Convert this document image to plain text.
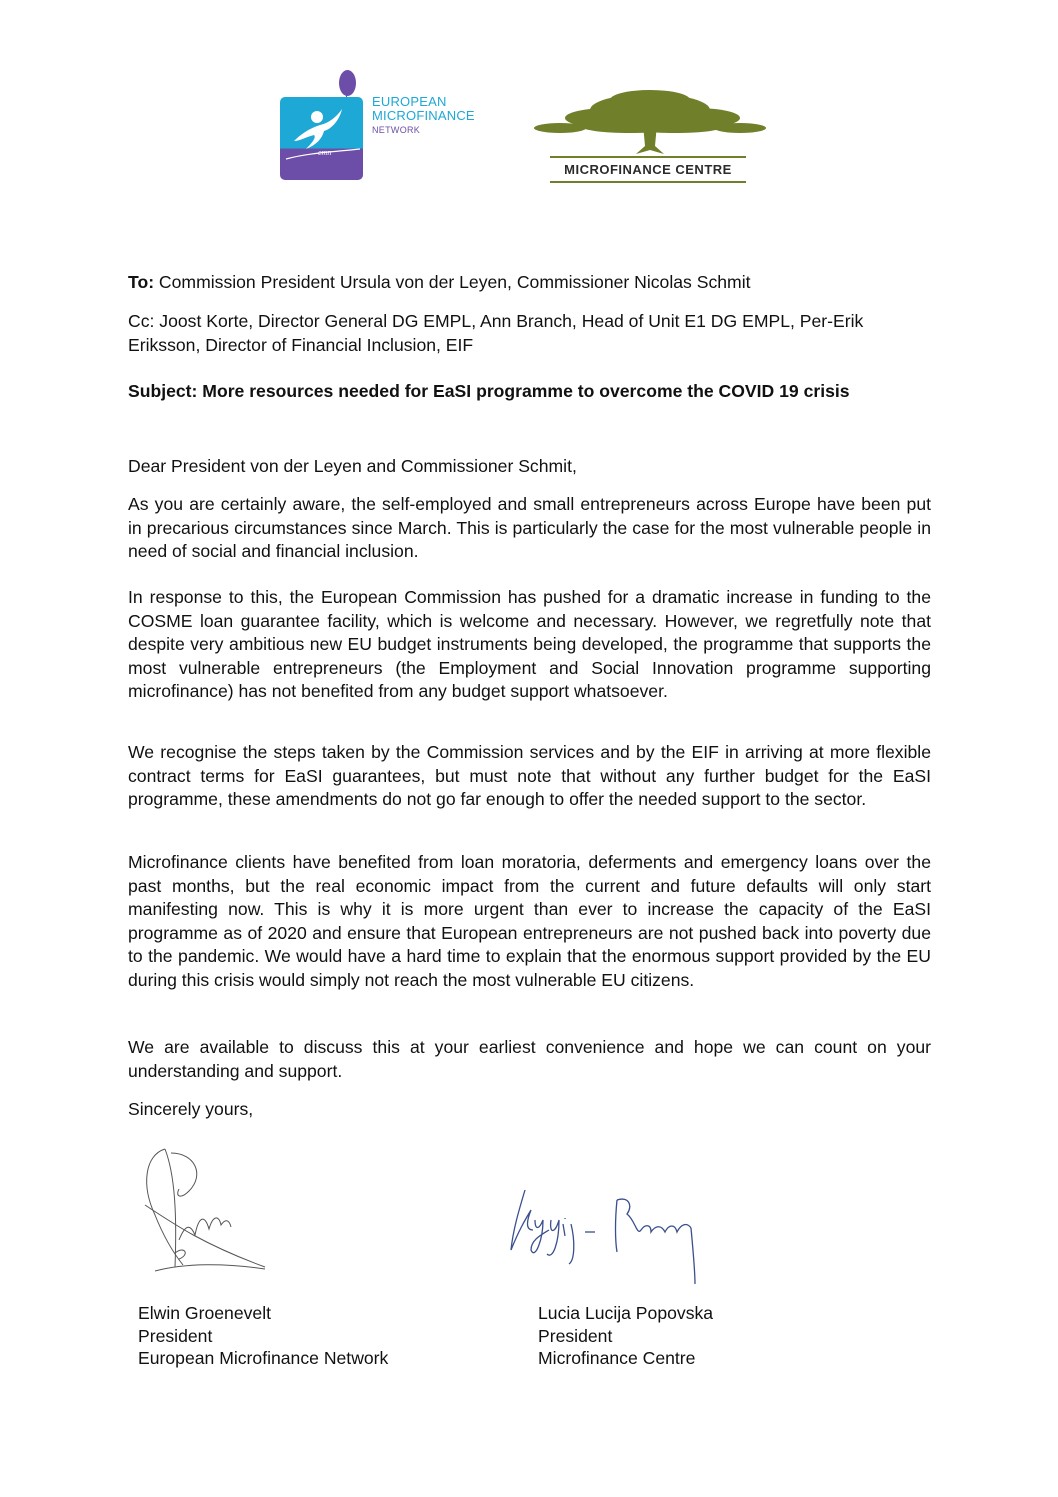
emn
EUROPEAN
MICROFINANCE
NETWORK
MICROFINANCE CENTRE

To: Commission President Ursula von der Leyen, Commissioner Nicolas Schmit

Cc: Joost Korte, Director General DG EMPL, Ann Branch, Head of Unit E1 DG EMPL, Per-Erik Eriksson, Director of Financial Inclusion, EIF

Subject: More resources needed for EaSI programme to overcome the COVID 19 crisis

Dear President von der Leyen and Commissioner Schmit,

As you are certainly aware, the self-employed and small entrepreneurs across Europe have been put in precarious circumstances since March. This is particularly the case for the most vulnerable people in need of social and financial inclusion.

In response to this, the European Commission has pushed for a dramatic increase in funding to the COSME loan guarantee facility, which is welcome and necessary. However, we regretfully note that despite very ambitious new EU budget instruments being developed, the programme that supports the most vulnerable entrepreneurs (the Employment and Social Innovation programme supporting microfinance) has not benefited from any budget support whatsoever.

We recognise the steps taken by the Commission services and by the EIF in arriving at more flexible contract terms for EaSI guarantees, but must note that without any further budget for the EaSI programme, these amendments do not go far enough to offer the needed support to the sector.

Microfinance clients have benefited from loan moratoria, deferments and emergency loans over the past months, but the real economic impact from the current and future defaults will only start manifesting now. This is why it is more urgent than ever to increase the capacity of the EaSI programme as of 2020 and ensure that European entrepreneurs are not pushed back into poverty due to the pandemic. We would have a hard time to explain that the enormous support provided by the EU during this crisis would simply not reach the most vulnerable EU citizens.

We are available to discuss this at your earliest convenience and hope we can count on your understanding and support.

Sincerely yours,

Elwin Groenevelt
President
European Microfinance Network
Lucia Lucija Popovska
President
Microfinance Centre
